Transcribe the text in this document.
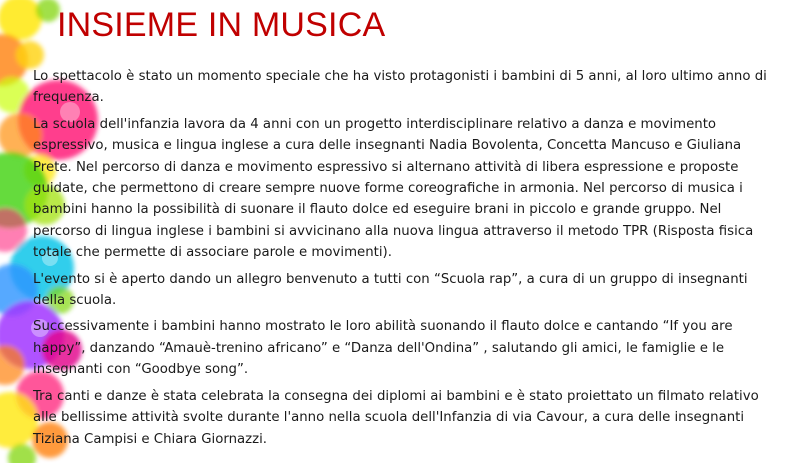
INSIEME IN MUSICA

Lo spettacolo è stato un momento speciale che ha visto protagonisti i bambini di 5 anni, al loro ultimo anno di frequenza.

La scuola dell'infanzia lavora da 4 anni con un progetto interdisciplinare relativo a danza e movimento espressivo, musica e lingua inglese a cura delle insegnanti Nadia Bovolenta, Concetta Mancuso e Giuliana Prete. Nel percorso di danza e movimento espressivo si alternano attività di libera espressione e proposte guidate, che permettono di creare sempre nuove forme coreografiche in armonia. Nel percorso di musica i bambini hanno la possibilità di suonare il flauto dolce ed eseguire brani in piccolo e grande gruppo. Nel percorso di lingua inglese i bambini si avvicinano alla nuova lingua attraverso il metodo TPR (Risposta fisica totale che permette di associare parole e movimenti).

L'evento si è aperto dando un allegro benvenuto a tutti con “Scuola rap”, a cura di un gruppo di insegnanti della scuola.

Successivamente i bambini hanno mostrato le loro abilità suonando il flauto dolce e cantando “If you are happy”, danzando “Amauè-trenino africano” e “Danza dell'Ondina” , salutando gli amici, le famiglie e le insegnanti con “Goodbye song”.

Tra canti e danze è stata celebrata la consegna dei diplomi ai bambini e è stato proiettato un filmato relativo alle bellissime attività svolte durante l'anno nella scuola dell'Infanzia di via Cavour, a cura delle insegnanti Tiziana Campisi e Chiara Giornazzi.
